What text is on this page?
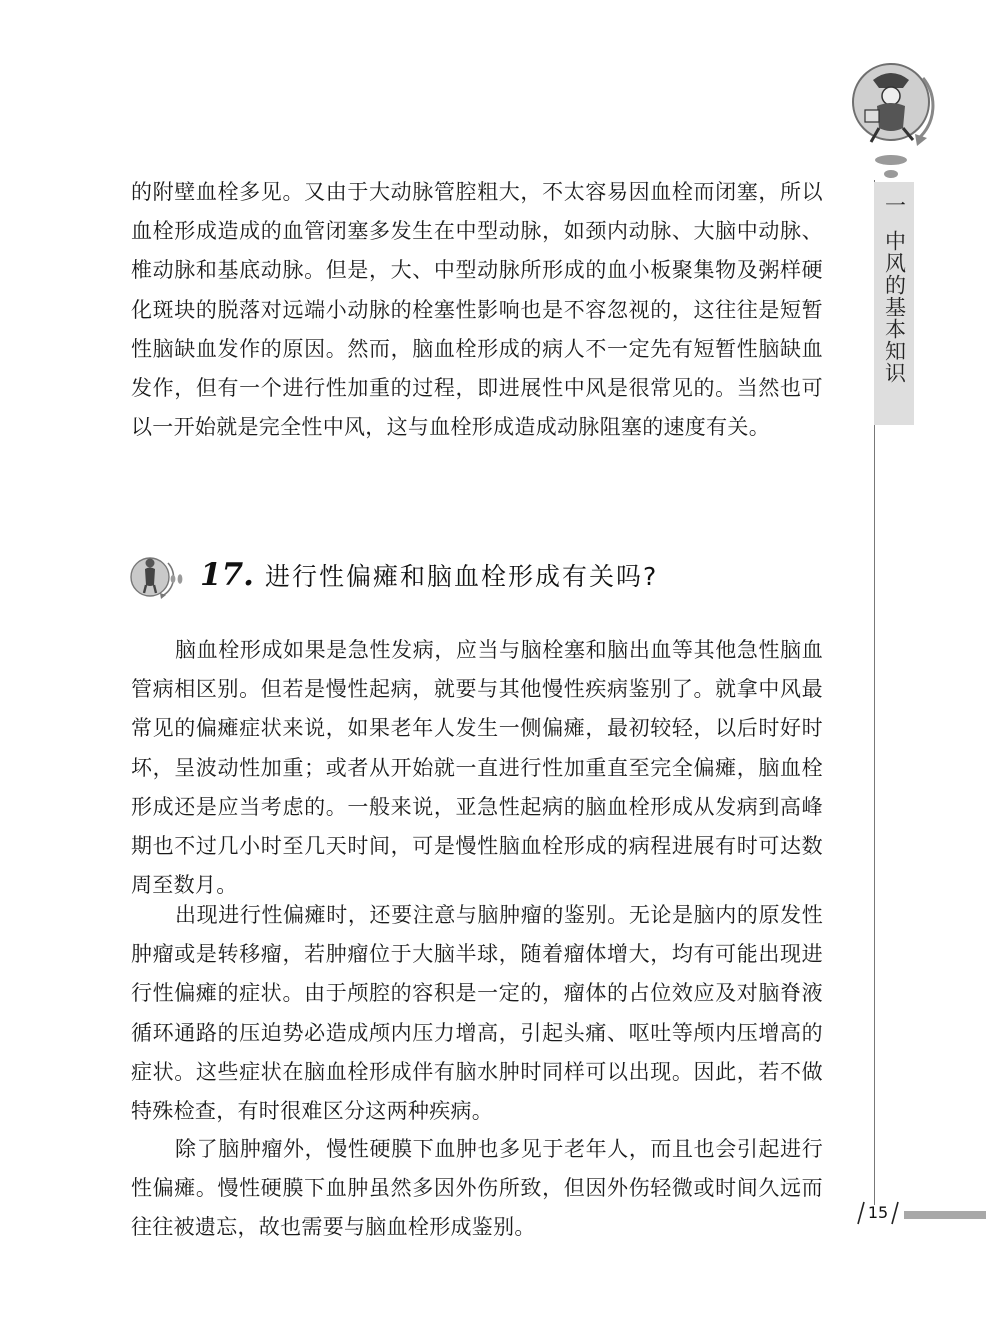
的附壁血栓多见。又由于大动脉管腔粗大，不太容易因血栓而闭塞，所以血栓形成造成的血管闭塞多发生在中型动脉，如颈内动脉、大脑中动脉、椎动脉和基底动脉。但是，大、中型动脉所形成的血小板聚集物及粥样硬化斑块的脱落对远端小动脉的栓塞性影响也是不容忽视的，这往往是短暂性脑缺血发作的原因。然而，脑血栓形成的病人不一定先有短暂性脑缺血发作，但有一个进行性加重的过程，即进展性中风是很常见的。当然也可以一开始就是完全性中风，这与血栓形成造成动脉阻塞的速度有关。

17. 进行性偏瘫和脑血栓形成有关吗?

脑血栓形成如果是急性发病，应当与脑栓塞和脑出血等其他急性脑血管病相区别。但若是慢性起病，就要与其他慢性疾病鉴别了。就拿中风最常见的偏瘫症状来说，如果老年人发生一侧偏瘫，最初较轻，以后时好时坏，呈波动性加重；或者从开始就一直进行性加重直至完全偏瘫，脑血栓形成还是应当考虑的。一般来说，亚急性起病的脑血栓形成从发病到高峰期也不过几小时至几天时间，可是慢性脑血栓形成的病程进展有时可达数周至数月。

出现进行性偏瘫时，还要注意与脑肿瘤的鉴别。无论是脑内的原发性肿瘤或是转移瘤，若肿瘤位于大脑半球，随着瘤体增大，均有可能出现进行性偏瘫的症状。由于颅腔的容积是一定的，瘤体的占位效应及对脑脊液循环通路的压迫势必造成颅内压力增高，引起头痛、呕吐等颅内压增高的症状。这些症状在脑血栓形成伴有脑水肿时同样可以出现。因此，若不做特殊检查，有时很难区分这两种疾病。

除了脑肿瘤外，慢性硬膜下血肿也多见于老年人，而且也会引起进行性偏瘫。慢性硬膜下血肿虽然多因外伤所致，但因外伤轻微或时间久远而往往被遗忘，故也需要与脑血栓形成鉴别。

一
中风的基本知识
15
